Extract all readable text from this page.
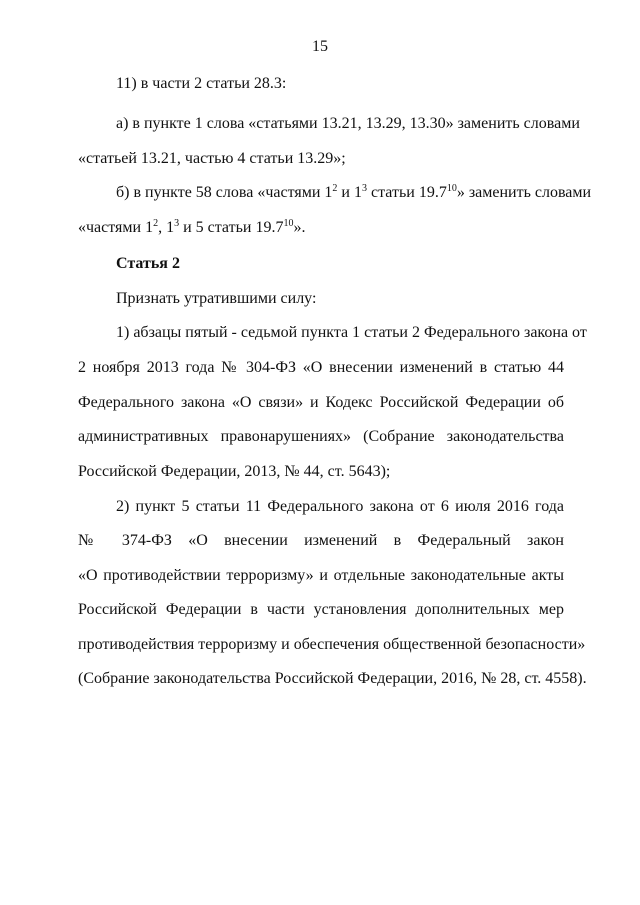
15
11) в части 2 статьи 28.3:
а) в пункте 1 слова «статьями 13.21, 13.29, 13.30» заменить словами
«статьей 13.21, частью 4 статьи 13.29»;
б) в пункте 58 слова «частями $1^2$ и $1^3$ статьи 19.7$^{10}$» заменить словами
«частями $1^2$, $1^3$ и 5 статьи 19.7$^{10}$».
Статья 2
Признать утратившими силу:
1) абзацы пятый - седьмой пункта 1 статьи 2 Федерального закона от
2 ноября 2013 года № 304-ФЗ «О внесении изменений в статью 44
Федерального закона «О связи» и Кодекс Российской Федерации об
административных правонарушениях» (Собрание законодательства
Российской Федерации, 2013, № 44, ст. 5643);
2) пункт 5 статьи 11 Федерального закона от 6 июля 2016 года
№ 374-ФЗ «О внесении изменений в Федеральный закон
«О противодействии терроризму» и отдельные законодательные акты
Российской Федерации в части установления дополнительных мер
противодействия терроризму и обеспечения общественной безопасности»
(Собрание законодательства Российской Федерации, 2016, № 28, ст. 4558).
